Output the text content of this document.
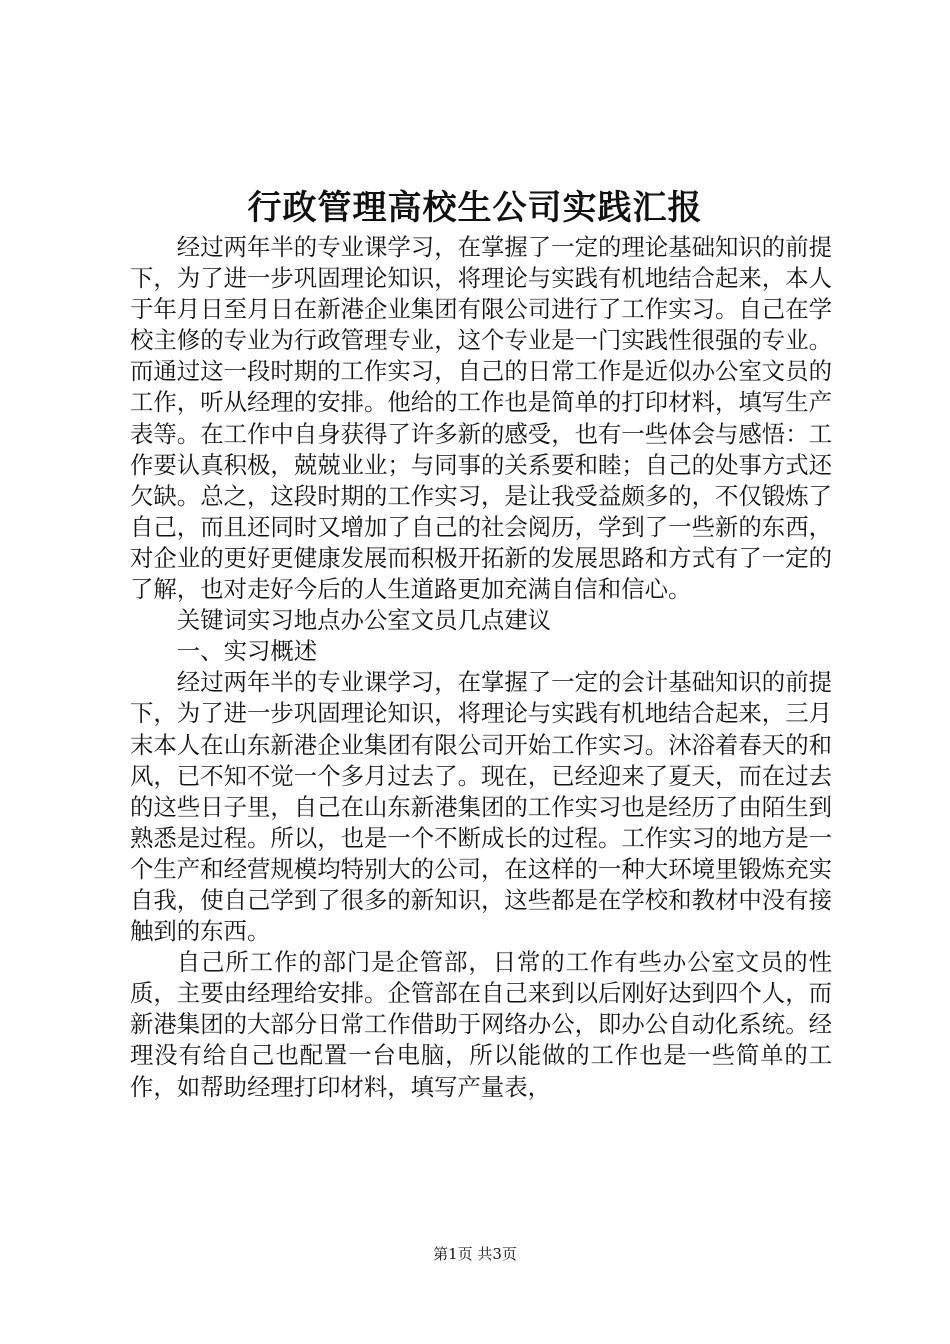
行政管理高校生公司实践汇报

经过两年半的专业课学习，在掌握了一定的理论基础知识的前提下，为了进一步巩固理论知识，将理论与实践有机地结合起来，本人于年月日至月日在新港企业集团有限公司进行了工作实习。自己在学校主修的专业为行政管理专业，这个专业是一门实践性很强的专业。而通过这一段时期的工作实习，自己的日常工作是近似办公室文员的工作，听从经理的安排。他给的工作也是简单的打印材料，填写生产表等。在工作中自身获得了许多新的感受，也有一些体会与感悟：工作要认真积极，兢兢业业；与同事的关系要和睦；自己的处事方式还欠缺。总之，这段时期的工作实习，是让我受益颇多的，不仅锻炼了自己，而且还同时又增加了自己的社会阅历，学到了一些新的东西，对企业的更好更健康发展而积极开拓新的发展思路和方式有了一定的了解，也对走好今后的人生道路更加充满自信和信心。

关键词实习地点办公室文员几点建议

一、实习概述

经过两年半的专业课学习，在掌握了一定的会计基础知识的前提下，为了进一步巩固理论知识，将理论与实践有机地结合起来，三月末本人在山东新港企业集团有限公司开始工作实习。沐浴着春天的和风，已不知不觉一个多月过去了。现在，已经迎来了夏天，而在过去的这些日子里，自己在山东新港集团的工作实习也是经历了由陌生到熟悉是过程。所以，也是一个不断成长的过程。工作实习的地方是一个生产和经营规模均特别大的公司，在这样的一种大环境里锻炼充实自我，使自己学到了很多的新知识，这些都是在学校和教材中没有接触到的东西。

自己所工作的部门是企管部，日常的工作有些办公室文员的性质，主要由经理给安排。企管部在自己来到以后刚好达到四个人，而新港集团的大部分日常工作借助于网络办公，即办公自动化系统。经理没有给自己也配置一台电脑，所以能做的工作也是一些简单的工作，如帮助经理打印材料，填写产量表，

第1页 共3页
